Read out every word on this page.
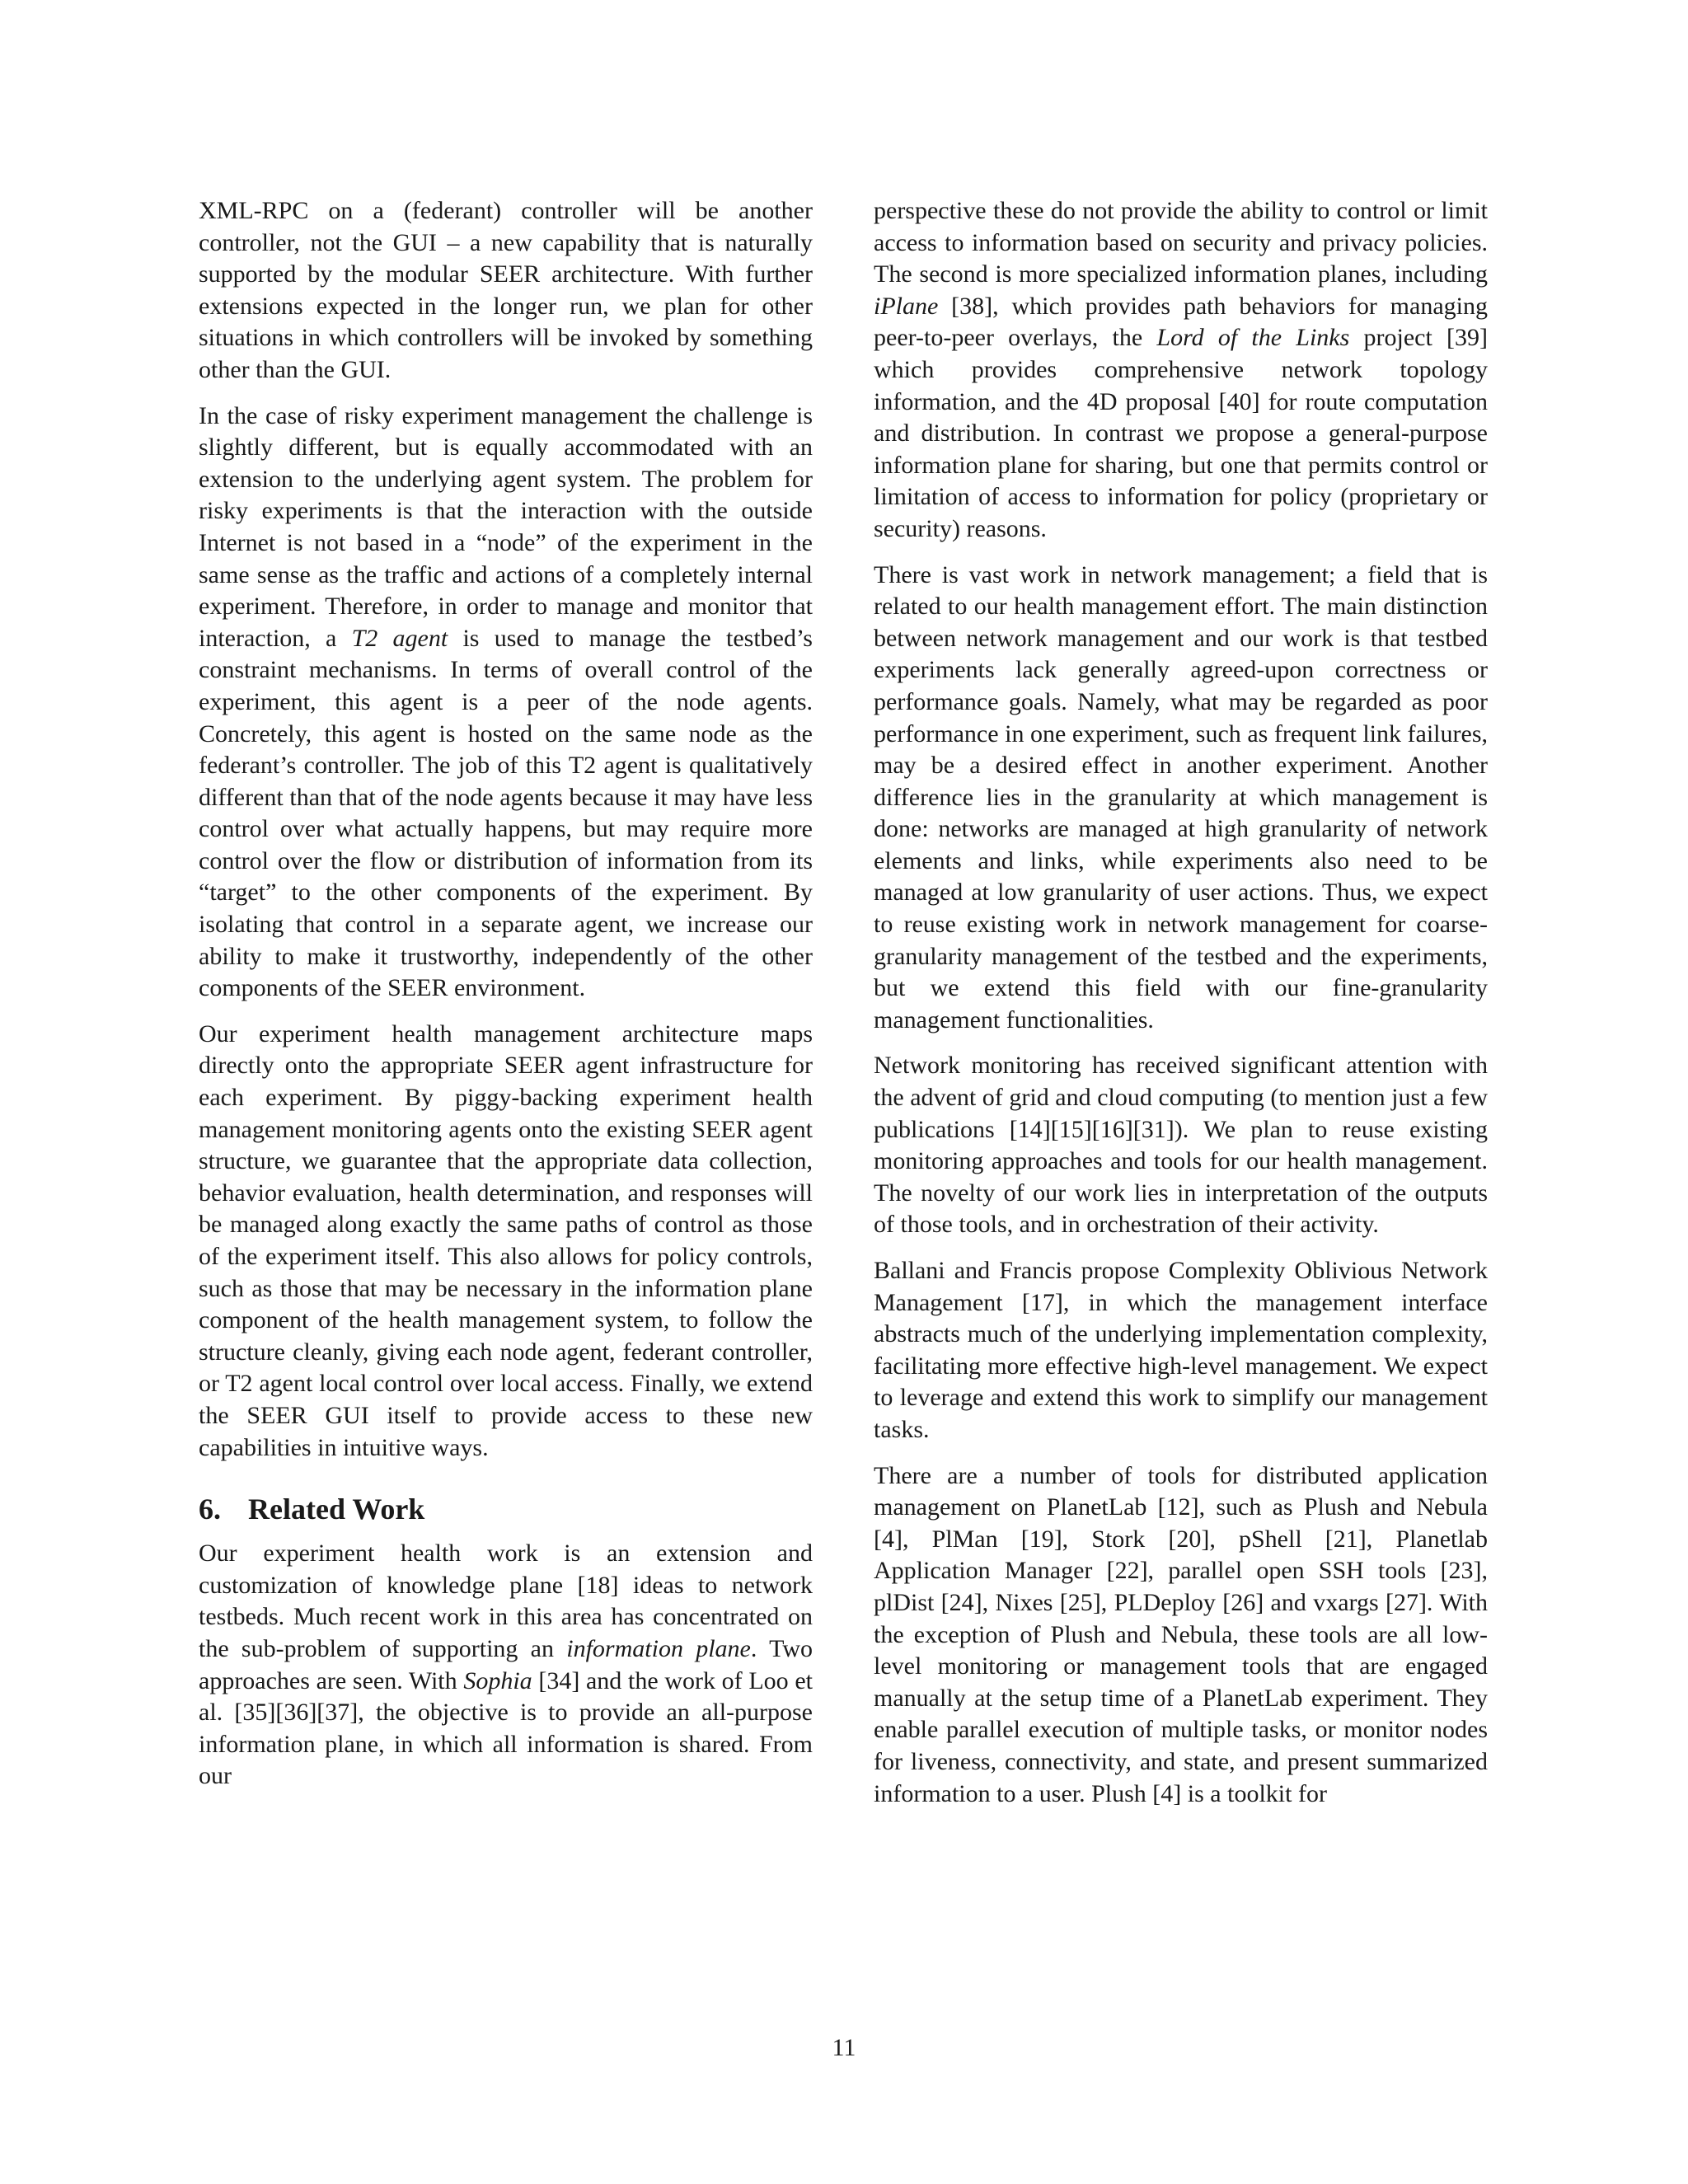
XML-RPC on a (federant) controller will be another controller, not the GUI – a new capability that is naturally supported by the modular SEER architecture. With further extensions expected in the longer run, we plan for other situations in which controllers will be invoked by something other than the GUI.

In the case of risky experiment management the challenge is slightly different, but is equally accommodated with an extension to the underlying agent system. The problem for risky experiments is that the interaction with the outside Internet is not based in a “node” of the experiment in the same sense as the traffic and actions of a completely internal experiment. Therefore, in order to manage and monitor that interaction, a T2 agent is used to manage the testbed’s constraint mechanisms. In terms of overall control of the experiment, this agent is a peer of the node agents. Concretely, this agent is hosted on the same node as the federant’s controller. The job of this T2 agent is qualitatively different than that of the node agents because it may have less control over what actually happens, but may require more control over the flow or distribution of information from its “target” to the other components of the experiment. By isolating that control in a separate agent, we increase our ability to make it trustworthy, independently of the other components of the SEER environment.

Our experiment health management architecture maps directly onto the appropriate SEER agent infrastructure for each experiment. By piggy-backing experiment health management monitoring agents onto the existing SEER agent structure, we guarantee that the appropriate data collection, behavior evaluation, health determination, and responses will be managed along exactly the same paths of control as those of the experiment itself. This also allows for policy controls, such as those that may be necessary in the information plane component of the health management system, to follow the structure cleanly, giving each node agent, federant controller, or T2 agent local control over local access. Finally, we extend the SEER GUI itself to provide access to these new capabilities in intuitive ways.

6. Related Work

Our experiment health work is an extension and customization of knowledge plane [18] ideas to network testbeds. Much recent work in this area has concentrated on the sub-problem of supporting an information plane. Two approaches are seen. With Sophia [34] and the work of Loo et al. [35][36][37], the objective is to provide an all-purpose information plane, in which all information is shared. From our

perspective these do not provide the ability to control or limit access to information based on security and privacy policies. The second is more specialized information planes, including iPlane [38], which provides path behaviors for managing peer-to-peer overlays, the Lord of the Links project [39] which provides comprehensive network topology information, and the 4D proposal [40] for route computation and distribution. In contrast we propose a general-purpose information plane for sharing, but one that permits control or limitation of access to information for policy (proprietary or security) reasons.

There is vast work in network management; a field that is related to our health management effort. The main distinction between network management and our work is that testbed experiments lack generally agreed-upon correctness or performance goals. Namely, what may be regarded as poor performance in one experiment, such as frequent link failures, may be a desired effect in another experiment. Another difference lies in the granularity at which management is done: networks are managed at high granularity of network elements and links, while experiments also need to be managed at low granularity of user actions. Thus, we expect to reuse existing work in network management for coarse-granularity management of the testbed and the experiments, but we extend this field with our fine-granularity management functionalities.

Network monitoring has received significant attention with the advent of grid and cloud computing (to mention just a few publications [14][15][16][31]). We plan to reuse existing monitoring approaches and tools for our health management. The novelty of our work lies in interpretation of the outputs of those tools, and in orchestration of their activity.

Ballani and Francis propose Complexity Oblivious Network Management [17], in which the management interface abstracts much of the underlying implementation complexity, facilitating more effective high-level management. We expect to leverage and extend this work to simplify our management tasks.

There are a number of tools for distributed application management on PlanetLab [12], such as Plush and Nebula [4], PlMan [19], Stork [20], pShell [21], Planetlab Application Manager [22], parallel open SSH tools [23], plDist [24], Nixes [25], PLDeploy [26] and vxargs [27]. With the exception of Plush and Nebula, these tools are all low-level monitoring or management tools that are engaged manually at the setup time of a PlanetLab experiment. They enable parallel execution of multiple tasks, or monitor nodes for liveness, connectivity, and state, and present summarized information to a user. Plush [4] is a toolkit for

11
